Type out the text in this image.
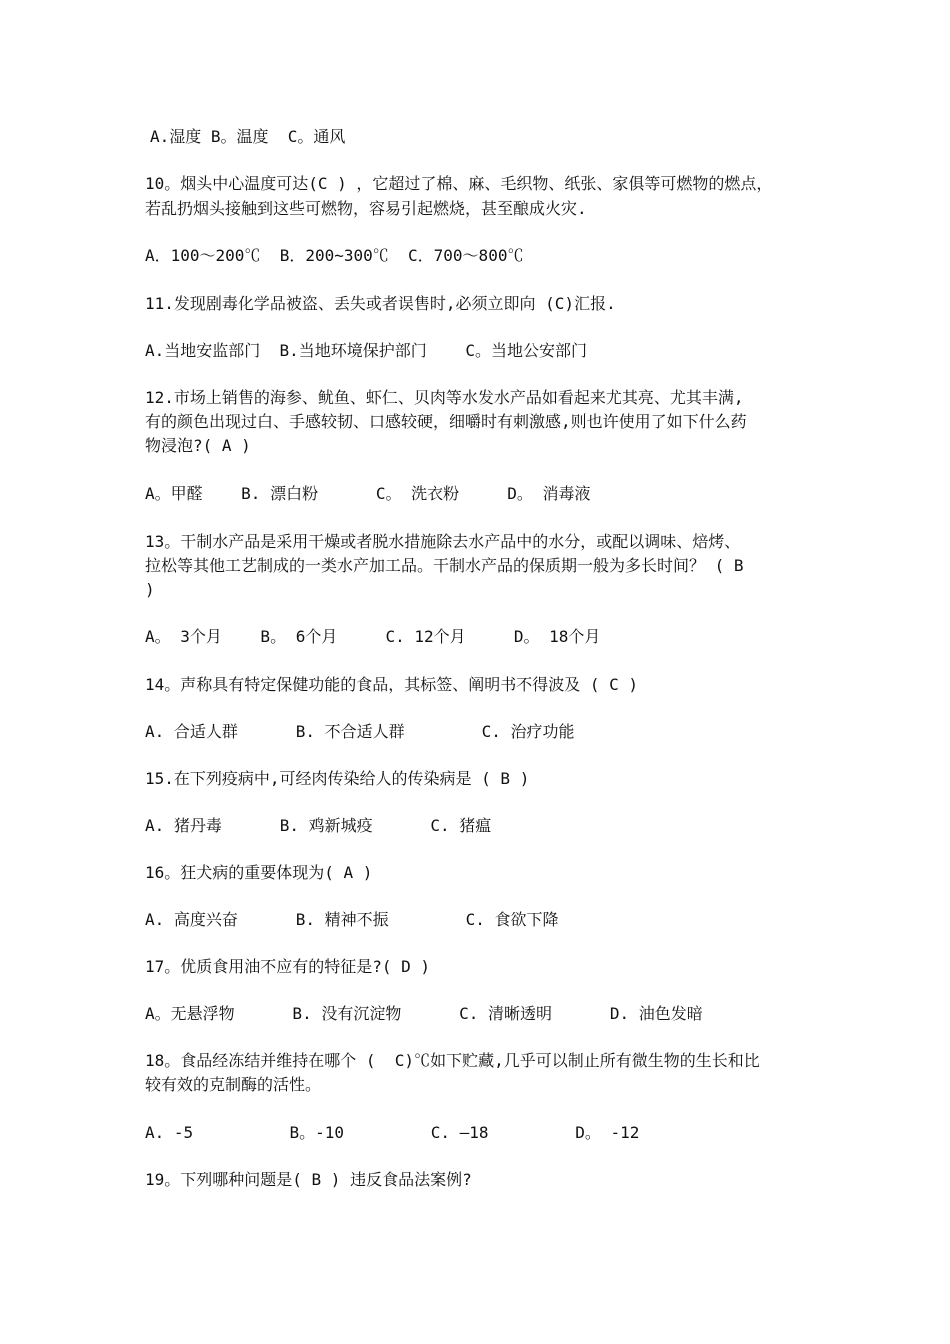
A.湿度 B。温度  C。通风
10。烟头中心温度可达(C ) ，它超过了棉、麻、毛织物、纸张、家俱等可燃物的燃点，
若乱扔烟头接触到这些可燃物，容易引起燃烧，甚至酿成火灾.
A．100～200℃  B．200~300℃  C．700～800℃
11.发现剧毒化学品被盗、丢失或者误售时,必须立即向 (C)汇报.
A.当地安监部门  B.当地环境保护部门    C。当地公安部门
12.市场上销售的海参、鱿鱼、虾仁、贝肉等水发水产品如看起来尤其亮、尤其丰满,
有的颜色出现过白、手感较韧、口感较硬，细嚼时有刺激感,则也许使用了如下什么药
物浸泡?( A )
A。甲醛    B. 漂白粉      C。 洗衣粉     D。 消毒液
13。干制水产品是采用干燥或者脱水措施除去水产品中的水分，或配以调味、焙烤、
拉松等其他工艺制成的一类水产加工品。干制水产品的保质期一般为多长时间？ ( B
)
A。 3个月    B。 6个月     C. 12个月     D。 18个月
14。声称具有特定保健功能的食品，其标签、阐明书不得波及 ( C )
A. 合适人群      B. 不合适人群        C. 治疗功能
15.在下列疫病中,可经肉传染给人的传染病是 ( B )
A. 猪丹毒      B. 鸡新城疫      C. 猪瘟
16。狂犬病的重要体现为( A )
A. 高度兴奋      B. 精神不振        C. 食欲下降
17。优质食用油不应有的特征是?( D )
A。无悬浮物      B. 没有沉淀物      C. 清晰透明      D. 油色发暗
18。食品经冻结并维持在哪个 (  C)℃如下贮藏,几乎可以制止所有微生物的生长和比
较有效的克制酶的活性。
A. -5          B。-10         C. —18         D。 -12
19。下列哪种问题是( B ) 违反食品法案例?
